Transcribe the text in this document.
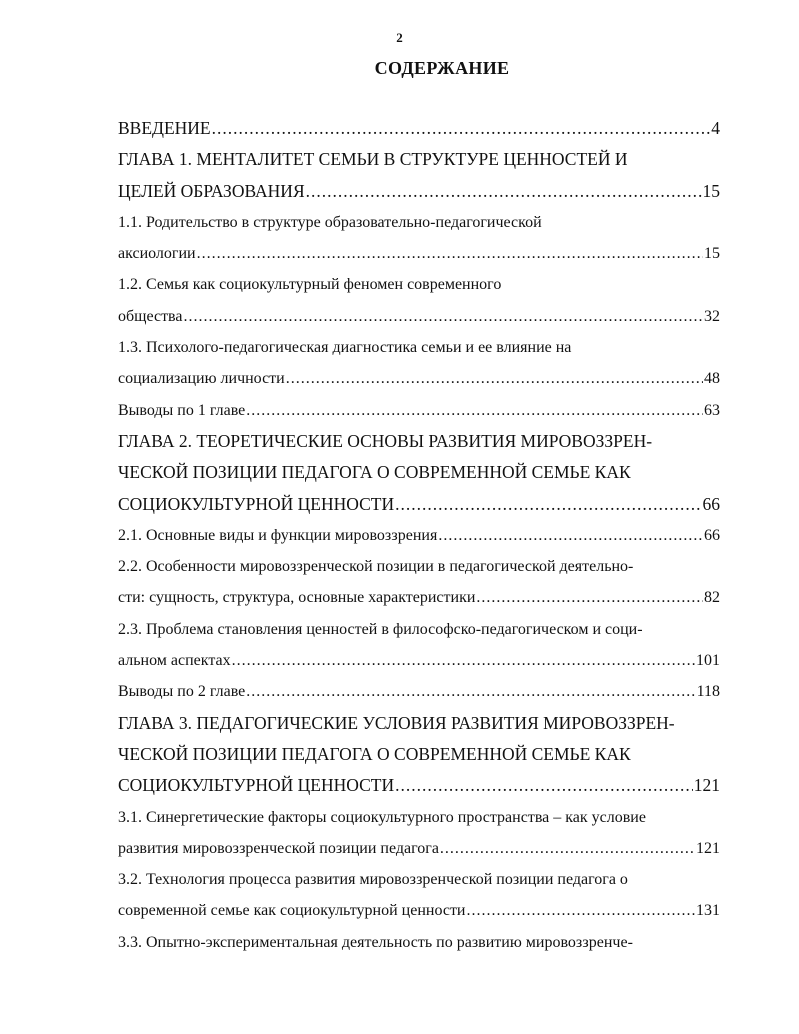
2
СОДЕРЖАНИЕ
ВВЕДЕНИЕ .....	4
ГЛАВА 1. МЕНТАЛИТЕТ СЕМЬИ В СТРУКТУРЕ ЦЕННОСТЕЙ И
ЦЕЛЕЙ ОБРАЗОВАНИЯ .....	15
1.1. Родительство в структуре образовательно-педагогической
аксиологии .....	15
1.2. Семья как социокультурный феномен современного
общества .....	32
1.3. Психолого-педагогическая диагностика семьи и ее влияние на
социализацию личности .....	48
Выводы по 1 главе .....	63
ГЛАВА 2. ТЕОРЕТИЧЕСКИЕ ОСНОВЫ РАЗВИТИЯ МИРОВОЗЗРЕН-
ЧЕСКОЙ ПОЗИЦИИ ПЕДАГОГА О СОВРЕМЕННОЙ СЕМЬЕ КАК
СОЦИОКУЛЬТУРНОЙ ЦЕННОСТИ .....	66
2.1. Основные виды и функции мировоззрения .....	66
2.2. Особенности мировоззренческой позиции в педагогической деятельно-
сти: сущность, структура, основные характеристики .....	82
2.3. Проблема становления ценностей в философско-педагогическом и соци-
альном аспектах .....	101
Выводы по 2 главе .....	118
ГЛАВА 3. ПЕДАГОГИЧЕСКИЕ УСЛОВИЯ РАЗВИТИЯ МИРОВОЗЗРЕН-
ЧЕСКОЙ ПОЗИЦИИ ПЕДАГОГА О СОВРЕМЕННОЙ СЕМЬЕ КАК
СОЦИОКУЛЬТУРНОЙ ЦЕННОСТИ .....	121
3.1. Синергетические факторы социокультурного пространства – как условие
развития мировоззренческой позиции педагога .....	121
3.2. Технология процесса развития мировоззренческой позиции педагога о
современной семье как социокультурной ценности .....	131
3.3. Опытно-экспериментальная деятельность по развитию мировоззренче-
